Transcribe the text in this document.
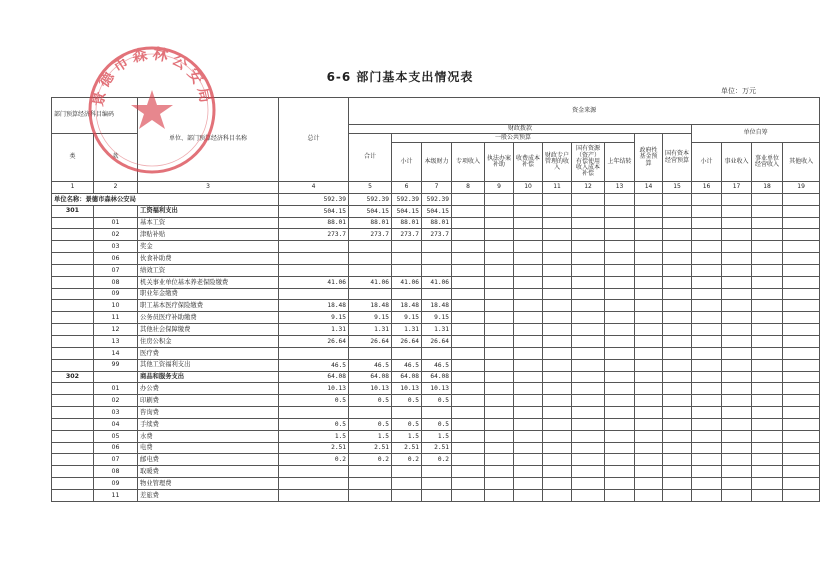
6-6 部门基本支出情况表
单位：万元
部门预算经济科目编码		单位、部门预算经济科目名称	总计	资金来源														
				财政拨款											单位自筹			
类	款			合计	一般公共预算								政府性基金预算	国有资本经营预算				
					小计	本级财力	专项收入	执法办案补助	收费成本补偿	财政专户管理的收入	国有资源（资产）有偿使用收入成本补偿	上年结转			小计	事业收入	事业单位经营收入	其他收入
1	2	3	4	5	6	7	8	9	10	11	12	13	14	15	16	17	18	19
单位名称：景德市森林公安局			592.39	592.39	592.39	592.39												
301		工资福利支出	504.15	504.15	504.15	504.15												
	01	基本工资	88.01	88.01	88.01	88.01												
	02	津贴补贴	273.7	273.7	273.7	273.7												
	03	奖金																
	06	伙食补助费																
	07	绩效工资																
	08	机关事业单位基本养老保险缴费	41.06	41.06	41.06	41.06												
	09	职业年金缴费																
	10	职工基本医疗保险缴费	18.48	18.48	18.48	18.48												
	11	公务员医疗补助缴费	9.15	9.15	9.15	9.15												
	12	其他社会保障缴费	1.31	1.31	1.31	1.31												
	13	住房公积金	26.64	26.64	26.64	26.64												
	14	医疗费																
	99	其他工资福利支出	46.5	46.5	46.5	46.5												
302		商品和服务支出	64.08	64.08	64.08	64.08												
	01	办公费	10.13	10.13	10.13	10.13												
	02	印刷费	0.5	0.5	0.5	0.5												
	03	咨询费																
	04	手续费	0.5	0.5	0.5	0.5												
	05	水费	1.5	1.5	1.5	1.5												
	06	电费	2.51	2.51	2.51	2.51												
	07	邮电费	0.2	0.2	0.2	0.2												
	08	取暖费																
	09	物业管理费																
	11	差旅费																
景德市森林公安局
